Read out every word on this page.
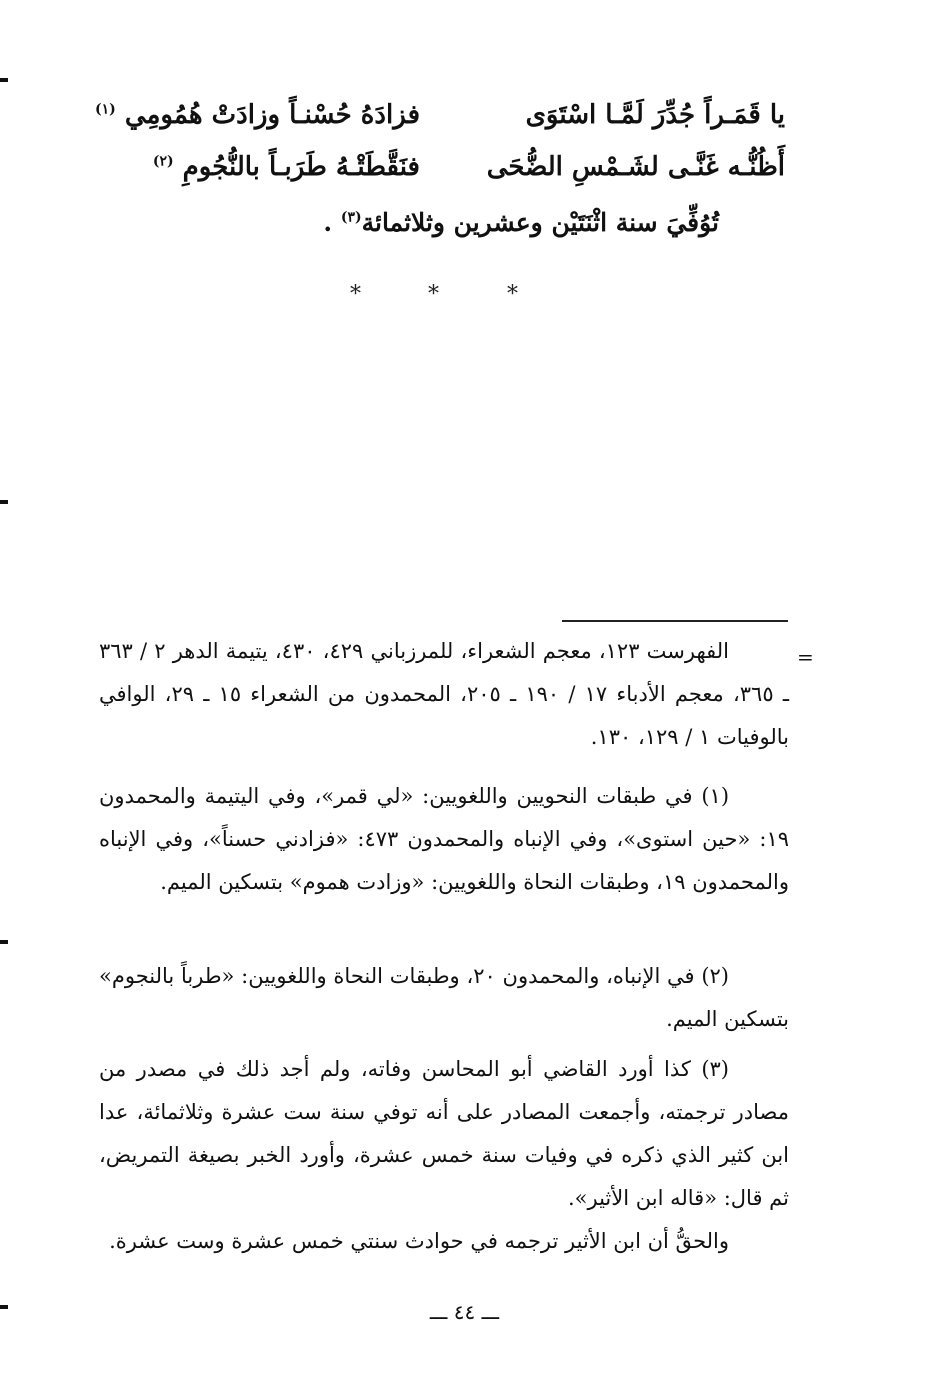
يا قَمَـراً جُدِّرَ لَمَّـا اسْتَوَى
فزادَهُ حُسْنـاً وزادَتْ هُمُومِي $^{(١)}$
أَظُنُّـه غَنَّـى لشَـمْسِ الضُّحَى
فنَقَّطَتْـهُ طَرَبـاً بالنُّجُومِ $^{(٢)}$
تُوُفِّيَ سنة اثْنَتَيْن وعشرين وثلاثمائة$^{(٣)}$ .
*	*	*
=

الفهرست ١٢٣، معجم الشعراء، للمرزباني ٤٢٩، ٤٣٠، يتيمة الدهر ٢ / ٣٦٣ ـ ٣٦٥، معجم الأدباء ١٧ / ١٩٠ ـ ٢٠٥، المحمدون من الشعراء ١٥ ـ ٢٩، الوافي بالوفيات ١ / ١٢٩، ١٣٠.

(١) في طبقات النحويين واللغويين: «لي قمر»، وفي اليتيمة والمحمدون ١٩: «حين استوى»، وفي الإنباه والمحمدون ٤٧٣: «فزادني حسناً»، وفي الإنباه والمحمدون ١٩، وطبقات النحاة واللغويين: «وزادت هموم» بتسكين الميم.

(٢) في الإنباه، والمحمدون ٢٠، وطبقات النحاة واللغويين: «طرباً بالنجوم» بتسكين الميم.

(٣) كذا أورد القاضي أبو المحاسن وفاته، ولم أجد ذلك في مصدر من مصادر ترجمته، وأجمعت المصادر على أنه توفي سنة ست عشرة وثلاثمائة، عدا ابن كثير الذي ذكره في وفيات سنة خمس عشرة، وأورد الخبر بصيغة التمريض، ثم قال: «قاله ابن الأثير».

والحقُّ أن ابن الأثير ترجمه في حوادث سنتي خمس عشرة وست عشرة.

ـــ ٤٤ ـــ
